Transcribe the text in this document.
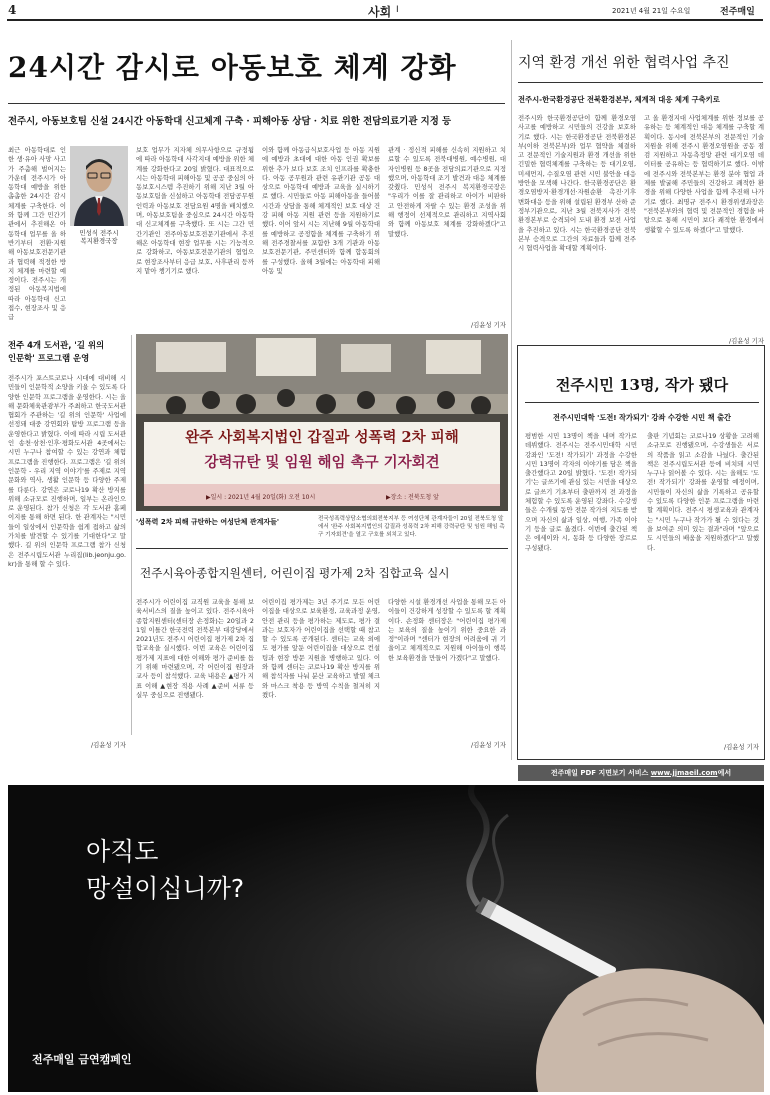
4	사회 I	2021년 4월 21일 수요일	전주매일
24시간 감시로 아동보호 체계 강화
전주시, 아동보호팀 신설 24시간 아동학대 신고체계 구축 · 피해아동 상담 · 치료 위한 전담의료기관 지정 등
민성식 전주시
복지환경국장
최근 아동학대로 인한 생·유아 사망 사고가 주춤해 벌어지는 가운데 전주시가 아동학대 예방을 위한 촘촘한 24시간 감시체계를 구축한다. 이와 함께 그간 민간기관에서 추진해온 아동학대 업무를 올 하반기부터 전환·지원해 아동보호전문기관과 협력해 적정한 방지 체계를 마련할 예정이다. 전주시는 개정된 아동복지법에 따라 아동학대 신고접수, 현장조사 및 응급
보호 업무가 지자체 의무사항으로 규정됨에 따라 아동학대 사각지대 예방을 위한 체계를 강화한다고 20일 밝혔다. 대표적으로 시는 아동학대 피해아동 및 공공 중심의 아동보호시스템 추진하기 위해 지난 3월 아동보호팀을 신설하고 아동학대 전담공무원 인력과 아동보호 전담요원 4명을 배치했으며, 아동보호팀을 중심으로 24시간 아동학대 신고체계를 구축했다. 또 시는 그간 민간기관인 전주아동보호전문기관에서 추진해온 아동학대 현장 업무를 시는 기능적으로 강화하고, 아동보호전문기관의 협업으로 현장조사부터 응급 보호, 사후관리 등까지 맡아 챙기기로 했다.
이와 함께 아동급식보호사업 등 아동 지원에 예방과 초대에 대한 아동 인권 확보를 위한 추가 보다 보호 조치 인프라를 확충한다. 아동 공무원과 관련 유관기관 공동 대상으로 아동학대 예방과 교육을 실시하기로 했다. 시민들로 아동 피해아동을 들어볼 시간과 상담을 통해 체계적인 보호 대상 건강 피해 아동 지원 관련 등을 지원하기로 했다. 이어 앞서 시는 지난해 9월 아동학대를 예방하고 공정함을 체계를 구축하기 위해 전주경찰서를 포함한 3개 기관과 아동보호전문기관, 주민센터와 함께 합동회의를 구성했다. 올해 3월에는 아동학대 피해 아동 및
관계 · 정신적 피해를 신속히 지원하고 치료할 수 있도록 전북대병원, 예수병원, 대자인병원 등 8곳을 전담의료기관으로 지정했으며, 아동학대 조기 발견과 대응 체계를 갖췄다. 민성식 전주시 복지환경국장은 "우리가 이를 잘 관리하고 아이가 비판하고 안전하게 자랄 수 있는 환경 조성을 위해 행정이 선제적으로 관리하고 지역사회와 함께 아동보호 체계를 강화하겠다"고 말했다.
/김윤성 기자
지역 환경 개선 위한 협력사업 추진
전주시-한국환경공단 전북환경본부, 체계적 대응 체계 구축키로
전주시와 한국환경공단이 함께 환경오염 사고를 예방하고 시민들의 건강을 보호하기로 했다. 시는 한국환경공단 전북환경본부(이하 전북본부)와 업무 협약을 체결하고 전문적인 기술지원과 환경 개선을 위한 긴밀한 협력체계를 구축하는 등 대기오염, 미세먼지, 수질오염 관련 시민 불안을 대응 방안을 모색해 나간다. 한국환경공단은 환경오염방지·환경개선·자원순환 촉진·기후변화대응 등을 위해 설립된 환경부 산하 준정부기관으로, 지난 3월 전북지사가 전북환경본부로 승격되어 도내 환경 보전 사업을 추진하고 있다. 시는 한국환경공단 전북본부 승격으로 그간의 자료들과 함께 전주시 협력사업을 확대할 계획이다.
고 올 환경지대 사업체계를 위한 정보를 공유하는 등 체계적인 대응 체계를 구축할 계획이다. 동시에 전북본부의 전문적인 기술지원을 위해 전주시 환경오염원을 공동 점검 지원하고 자동측정망 관련 대기오염 데이터를 공유하는 등 협력하기로 했다. 이밖에 전주시와 전북본부는 환경 분야 협업 과제를 발굴해 주민들의 건강하고 쾌적한 환경을 위해 다양한 사업을 함께 추진해 나가기로 했다. 최명규 전주시 환경위생과장은 "전북본부와의 협력 및 전문적인 경험을 바탕으로 통해 시민이 보다 쾌적한 환경에서 생활할 수 있도록 하겠다"고 말했다.
/김윤성 기자
전주 4개 도서관, '길 위의
인문학' 프로그램 운영
전주시가 포스트코로나 시대에 대비해 시민들이 인문학적 소양을 키울 수 있도록 다양한 인문학 프로그램을 운영한다. 시는 올해 문화체육관광부가 주최하고 한국도서관협회가 주관하는 '길 위의 인문학' 사업에 선정돼 대중 강연회와 탐방 프로그램 등을 운영한다고 밝혔다. 이에 따라 시립 도서관인 송천·삼천·인후·평화도서관 4곳에서는 시민 누구나 참여할 수 있는 강연과 체험 프로그램을 진행한다. 프로그램은 '길 위의 인문학 - 우리 지역 이야기'를 주제로 지역 문화와 역사, 생활 인문학 등 다양한 주제를 다룬다. 강연은 코로나19 확산 방지를 위해 소규모로 진행하며, 일부는 온라인으로 운영된다. 참가 신청은 각 도서관 홈페이지를 통해 하면 된다. 한 관계자는 "시민들이 일상에서 인문학을 쉽게 접하고 삶의 가치를 발견할 수 있기를 기대한다"고 말했다. 길 위의 인문학 프로그램 참가 신청은 전주시립도서관 누리집(lib.jeonju.go.kr)을 통해 할 수 있다.
/김윤성 기자
완주 사회복지법인 갑질과 성폭력 2차 피해
강력규탄 및 임원 해임 촉구 기자회견
▶일시 : 2021년 4월 20일(화) 오전 10시	▶장소 : 전북도청 앞
'성폭력 2차 피해 규탄하는 여성단체 관계자들'	전국성폭력상담소협의회전북지부 등 여성단체 관계자들이 20일 전북도청 앞에서 '완주 사회복지법인의 갑질과 성폭력 2차 피해 강력규탄 및 임원 해임 촉구 기자회견'을 열고 구호를 외치고 있다.
전주시육아종합지원센터, 어린이집 평가제 2차 집합교육 실시
전주시가 어린이집 교직원 교육을 통해 보육서비스의 질을 높이고 있다. 전주시육아종합지원센터(센터장 손정화)는 20일과 21일 이틀간 한국전력 전북본부 대강당에서 2021년도 전주시 어린이집 평가제 2차 집합교육을 실시했다. 이번 교육은 어린이집 평가제 지표에 대한 이해와 평가 준비를 돕기 위해 마련됐으며, 각 어린이집 원장과 교사 등이 참석했다. 교육 내용은 ▲평가 지표 이해 ▲현장 적용 사례 ▲준비 서류 등 실무 중심으로 진행됐다.
어린이집 평가제는 3년 주기로 모든 어린이집을 대상으로 보육환경, 교육과정 운영, 안전 관리 등을 평가하는 제도로, 평가 결과는 보호자가 어린이집을 선택할 때 참고할 수 있도록 공개된다. 센터는 교육 외에도 평가를 앞둔 어린이집을 대상으로 컨설팅과 현장 방문 지원을 병행하고 있다. 이와 함께 센터는 코로나19 확산 방지를 위해 참석자를 나눠 분산 교육하고 발열 체크와 마스크 착용 등 방역 수칙을 철저히 지켰다.
다양한 시설 환경개선 사업을 통해 모든 아이들이 건강하게 성장할 수 있도록 할 계획이다. 손정화 센터장은 "어린이집 평가제는 보육의 질을 높이기 위한 중요한 과정"이라며 "센터가 현장의 어려움에 귀 기울이고 체계적으로 지원해 아이들이 행복한 보육환경을 만들어 가겠다"고 말했다.
/김윤성 기자
전주시민 13명, 작가 됐다
전주시민대학 '도전! 작가되기' 강좌 수강한 시민 책 출간
평범한 시민 13명이 책을 내며 작가로 데뷔했다. 전주시는 전주시민대학 시민강좌인 '도전! 작가되기' 과정을 수강한 시민 13명이 각자의 이야기를 담은 책을 출간했다고 20일 밝혔다. '도전! 작가되기'는 글쓰기에 관심 있는 시민을 대상으로 글쓰기 기초부터 출판까지 전 과정을 체험할 수 있도록 운영된 강좌다. 수강생들은 수개월 동안 전문 작가의 지도를 받으며 자신의 삶과 일상, 여행, 가족 이야기 등을 글로 옮겼다. 이번에 출간된 책은 에세이와 시, 동화 등 다양한 장르로 구성됐다.
출판 기념회는 코로나19 상황을 고려해 소규모로 진행됐으며, 수강생들은 서로의 작품을 읽고 소감을 나눴다. 출간된 책은 전주시립도서관 등에 비치돼 시민 누구나 읽어볼 수 있다. 시는 올해도 '도전! 작가되기' 강좌를 운영할 예정이며, 시민들이 자신의 삶을 기록하고 공유할 수 있도록 다양한 인문 프로그램을 마련할 계획이다. 전주시 평생교육과 관계자는 "시민 누구나 작가가 될 수 있다는 것을 보여준 의미 있는 결과"라며 "앞으로도 시민들의 배움을 지원하겠다"고 말했다.
/김윤성 기자
전주매일 PDF 지면보기 서비스 www.jjmaeil.com에서
아직도
망설이십니까?
전주매일 금연캠페인
